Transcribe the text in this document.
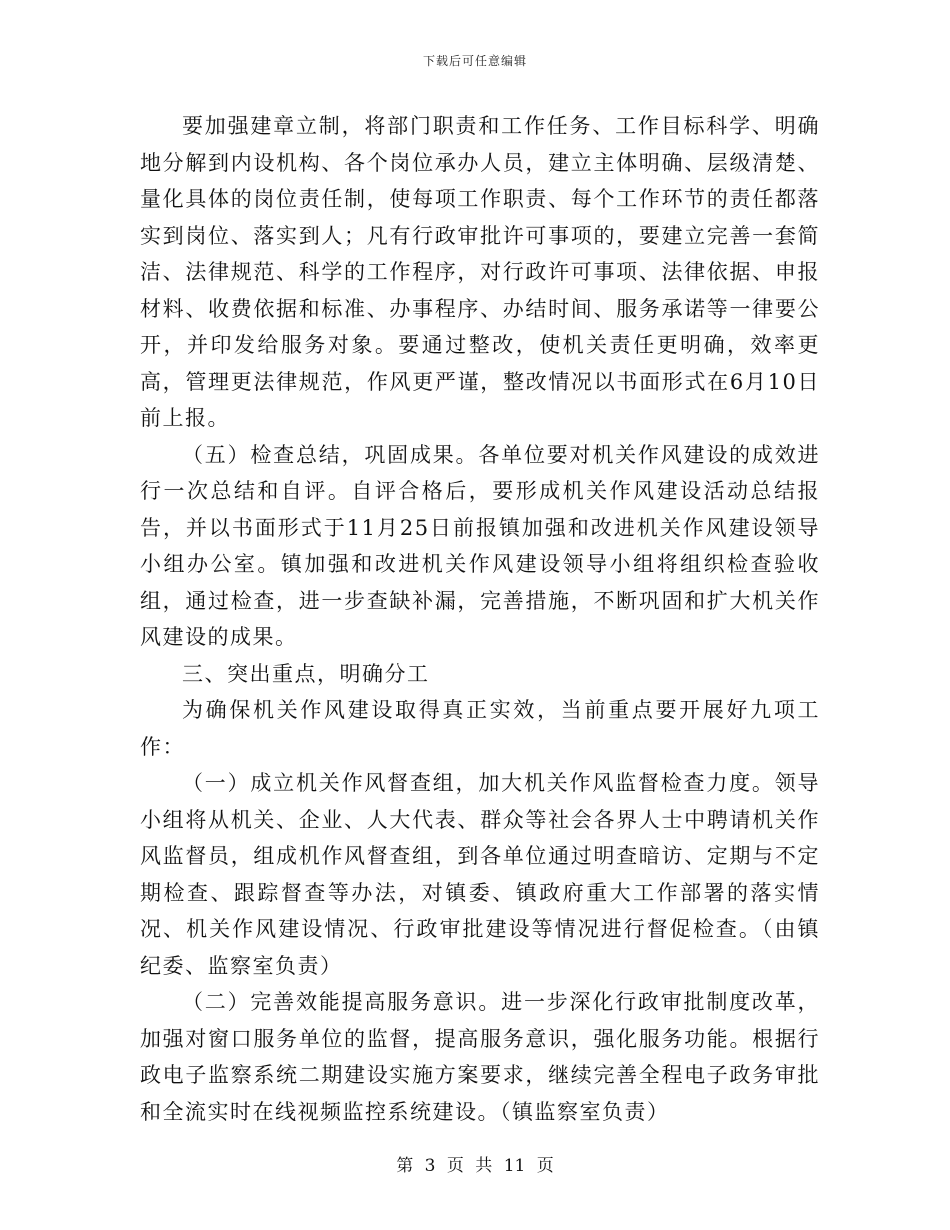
下载后可任意编辑

要加强建章立制，将部门职责和工作任务、工作目标科学、明确地分解到内设机构、各个岗位承办人员，建立主体明确、层级清楚、量化具体的岗位责任制，使每项工作职责、每个工作环节的责任都落实到岗位、落实到人；凡有行政审批许可事项的，要建立完善一套简洁、法律规范、科学的工作程序，对行政许可事项、法律依据、申报材料、收费依据和标准、办事程序、办结时间、服务承诺等一律要公开，并印发给服务对象。要通过整改，使机关责任更明确，效率更高，管理更法律规范，作风更严谨，整改情况以书面形式在6月10日前上报。

（五）检查总结，巩固成果。各单位要对机关作风建设的成效进行一次总结和自评。自评合格后，要形成机关作风建设活动总结报告，并以书面形式于11月25日前报镇加强和改进机关作风建设领导小组办公室。镇加强和改进机关作风建设领导小组将组织检查验收组，通过检查，进一步查缺补漏，完善措施，不断巩固和扩大机关作风建设的成果。

三、突出重点，明确分工

为确保机关作风建设取得真正实效，当前重点要开展好九项工作：

（一）成立机关作风督查组，加大机关作风监督检查力度。领导小组将从机关、企业、人大代表、群众等社会各界人士中聘请机关作风监督员，组成机作风督查组，到各单位通过明查暗访、定期与不定期检查、跟踪督查等办法，对镇委、镇政府重大工作部署的落实情况、机关作风建设情况、行政审批建设等情况进行督促检查。（由镇纪委、监察室负责）

（二）完善效能提高服务意识。进一步深化行政审批制度改革，加强对窗口服务单位的监督，提高服务意识，强化服务功能。根据行政电子监察系统二期建设实施方案要求，继续完善全程电子政务审批和全流实时在线视频监控系统建设。（镇监察室负责）

第 3 页 共 11 页
